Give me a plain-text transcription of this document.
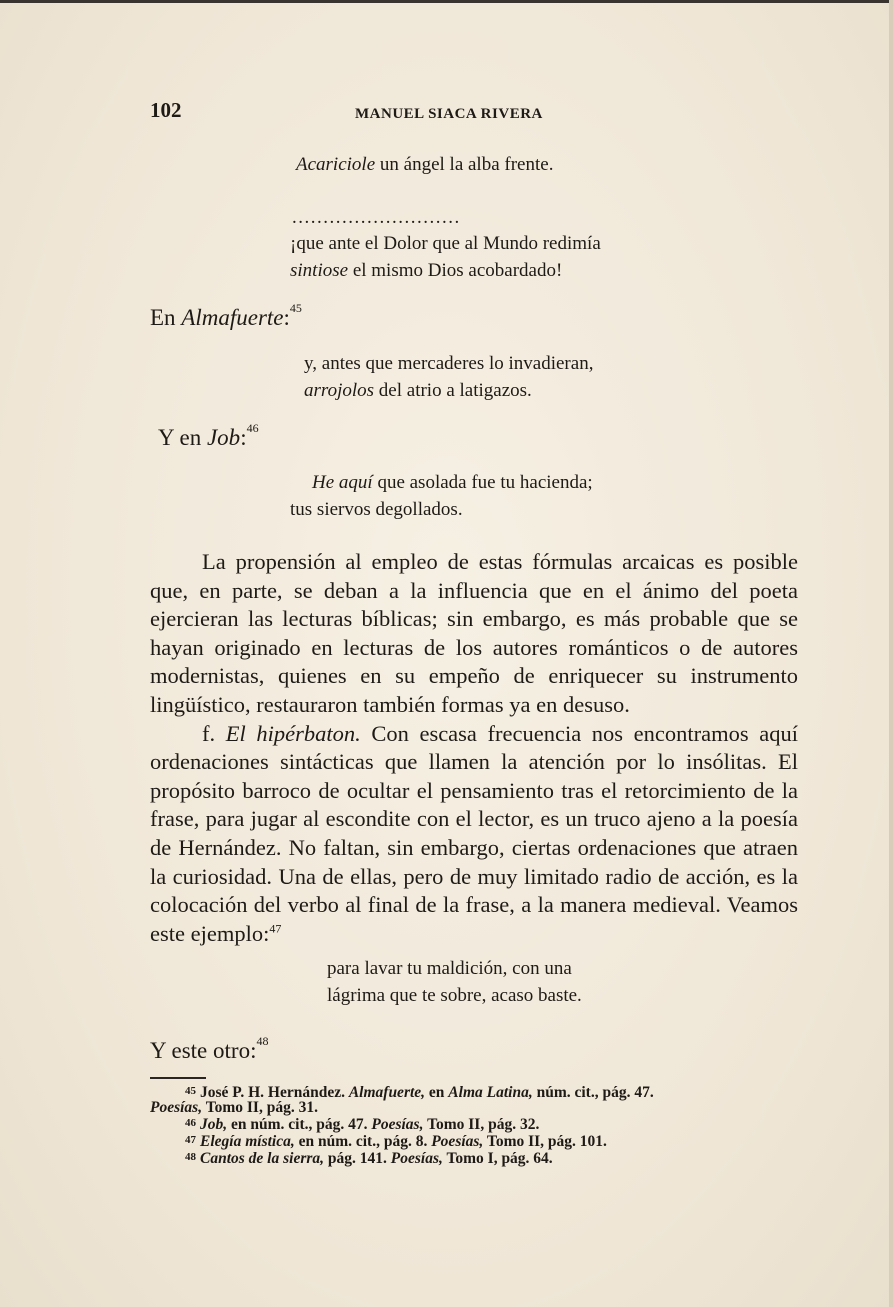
102	MANUEL SIACA RIVERA
Acariciole un ángel la alba frente.
...........................
¡que ante el Dolor que al Mundo redimía
sintiose el mismo Dios acobardado!
En Almafuerte:$^{45}$
y, antes que mercaderes lo invadieran,
arrojolos del atrio a latigazos.
Y en Job:$^{46}$
He aquí que asolada fue tu hacienda;
tus siervos degollados.

La propensión al empleo de estas fórmulas arcaicas es posible que, en parte, se deban a la influencia que en el ánimo del poeta ejercieran las lecturas bíblicas; sin embargo, es más probable que se hayan originado en lecturas de los autores románticos o de autores modernistas, quienes en su empeño de enriquecer su instrumento lingüístico, restauraron también formas ya en desuso.

f. El hipérbaton. Con escasa frecuencia nos encontramos aquí ordenaciones sintácticas que llamen la atención por lo insólitas. El propósito barroco de ocultar el pensamiento tras el retorcimiento de la frase, para jugar al escondite con el lector, es un truco ajeno a la poesía de Hernández. No faltan, sin embargo, ciertas ordenaciones que atraen la curiosidad. Una de ellas, pero de muy limitado radio de acción, es la colocación del verbo al final de la frase, a la manera medieval. Veamos este ejemplo:$^{47}$

para lavar tu maldición, con una
lágrima que te sobre, acaso baste.
Y este otro:$^{48}$
45 José P. H. Hernández. Almafuerte, en Alma Latina, núm. cit., pág. 47.
Poesías, Tomo II, pág. 31.
46 Job, en núm. cit., pág. 47. Poesías, Tomo II, pág. 32.
47 Elegía mística, en núm. cit., pág. 8. Poesías, Tomo II, pág. 101.
48 Cantos de la sierra, pág. 141. Poesías, Tomo I, pág. 64.
